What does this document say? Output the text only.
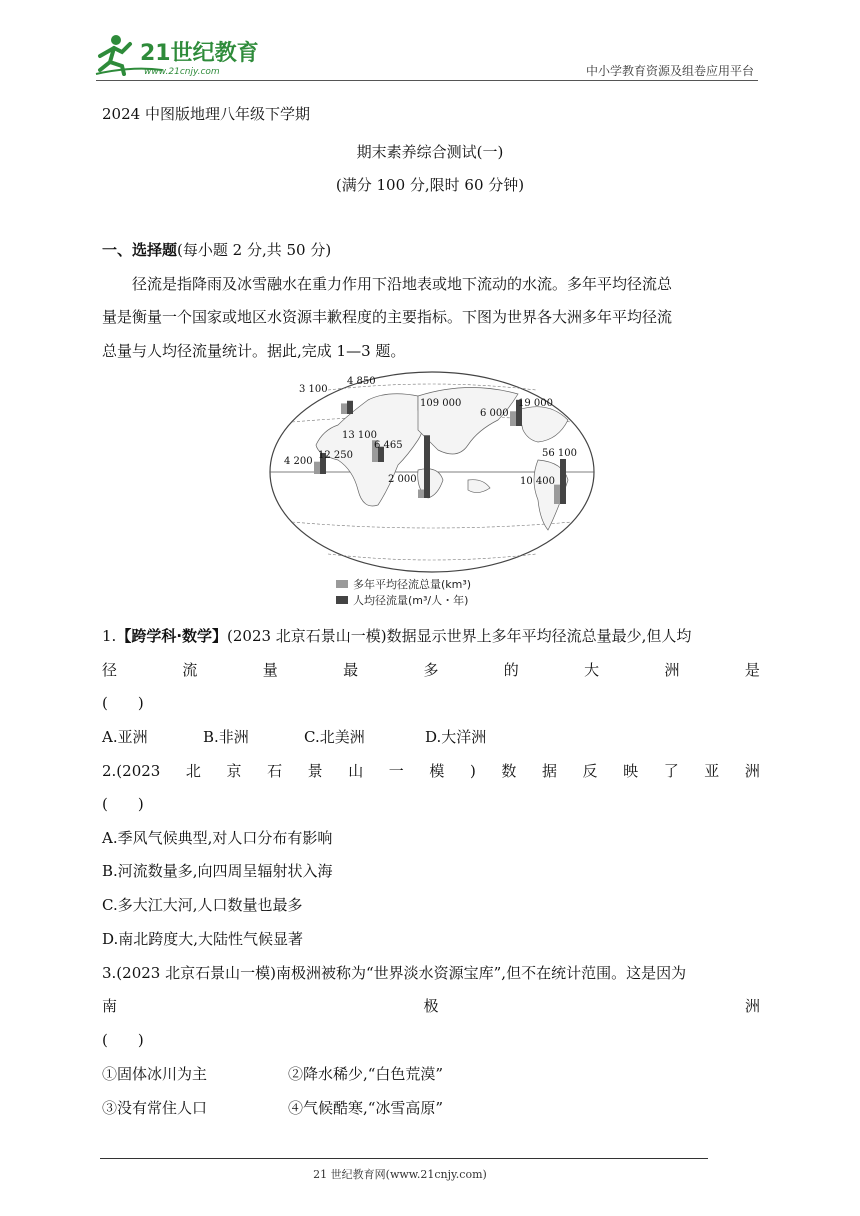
21世纪教育
www.21cnjy.com	中小学教育资源及组卷应用平台
2024 中图版地理八年级下学期
期末素养综合测试(一)
(满分 100 分,限时 60 分钟)
一、选择题(每小题 2 分,共 50 分)
径流是指降雨及冰雪融水在重力作用下沿地表或地下流动的水流。多年平均径流总
量是衡量一个国家或地区水资源丰歉程度的主要指标。下图为世界各大洲多年平均径流
总量与人均径流量统计。据此,完成 1—3 题。
6 000
19 000
3 100
4 850
13 100
6 465
4 200
12 250
2 000
109 000
10 400
56 100
多年平均径流总量(km³)
人均径流量(m³/人・年)
1.【跨学科·数学】(2023 北京石景山一模)数据显示世界上多年平均径流总量最少,但人均
径	流	量	最	多	的	大	洲	是
(　　)
A.亚洲	B.非洲	C.北美洲	D.大洋洲
2.(2023 北 京 石 景 山 一 模 ) 数 据 反 映 了 亚 洲
(　　)
A.季风气候典型,对人口分布有影响
B.河流数量多,向四周呈辐射状入海
C.多大江大河,人口数量也最多
D.南北跨度大,大陆性气候显著
3.(2023 北京石景山一模)南极洲被称为“世界淡水资源宝库”,但不在统计范围。这是因为
南	极	洲
(　　)
①固体冰川为主	②降水稀少,“白色荒漠”
③没有常住人口	④气候酷寒,“冰雪高原”
21 世纪教育网(www.21cnjy.com)
